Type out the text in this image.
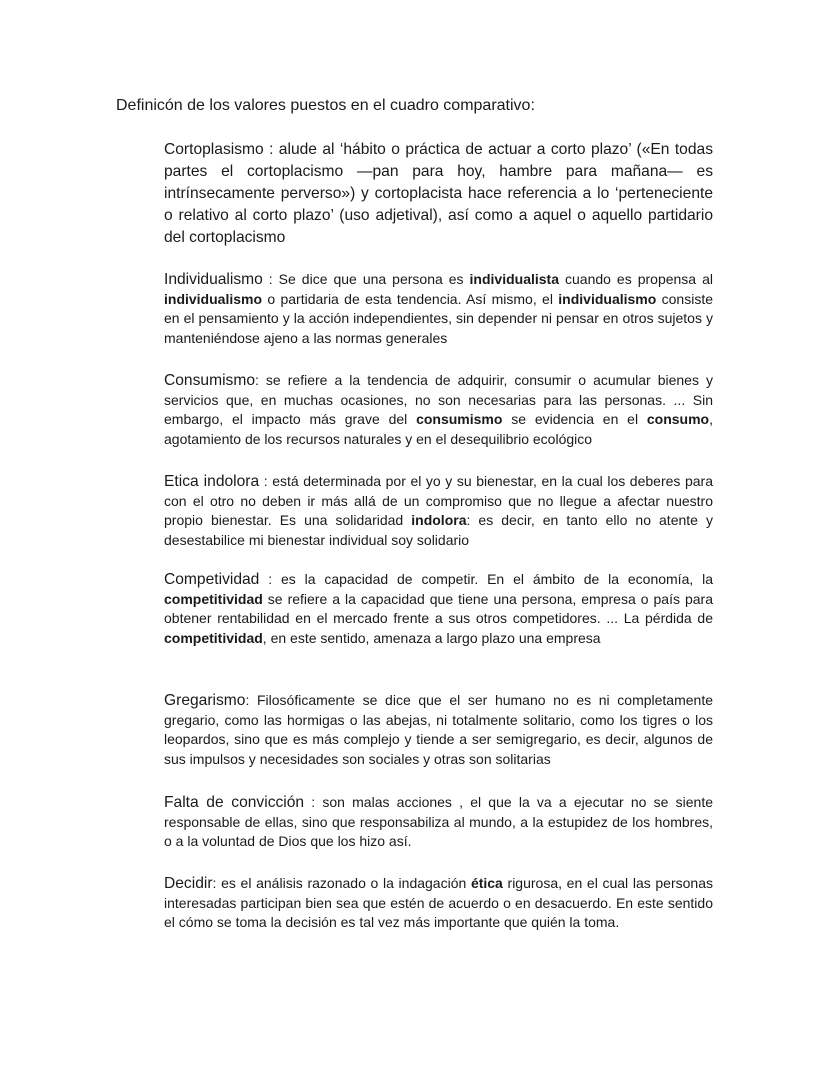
Definicón de los valores puestos en el cuadro comparativo:

Cortoplasismo : alude al ‘hábito o práctica de actuar a corto plazo’ («En todas partes el cortoplacismo —pan para hoy, hambre para mañana— es intrínsecamente perverso») y cortoplacista hace referencia a lo ‘perteneciente o relativo al corto plazo’ (uso adjetival), así como a aquel o aquello partidario del cortoplacismo

Individualismo : Se dice que una persona es individualista cuando es propensa al individualismo o partidaria de esta tendencia. Así mismo, el individualismo consiste en el pensamiento y la acción independientes, sin depender ni pensar en otros sujetos y manteniéndose ajeno a las normas generales

Consumismo: se refiere a la tendencia de adquirir, consumir o acumular bienes y servicios que, en muchas ocasiones, no son necesarias para las personas. ... Sin embargo, el impacto más grave del consumismo se evidencia en el consumo, agotamiento de los recursos naturales y en el desequilibrio ecológico

Etica indolora : está determinada por el yo y su bienestar, en la cual los deberes para con el otro no deben ir más allá de un compromiso que no llegue a afectar nuestro propio bienestar. Es una solidaridad indolora: es decir, en tanto ello no atente y desestabilice mi bienestar individual soy solidario

Competividad : es la capacidad de competir. En el ámbito de la economía, la competitividad se refiere a la capacidad que tiene una persona, empresa o país para obtener rentabilidad en el mercado frente a sus otros competidores. ... La pérdida de competitividad, en este sentido, amenaza a largo plazo una empresa

Gregarismo: Filosóficamente se dice que el ser humano no es ni completamente gregario, como las hormigas o las abejas, ni totalmente solitario, como los tigres o los leopardos, sino que es más complejo y tiende a ser semigregario, es decir, algunos de sus impulsos y necesidades son sociales y otras son solitarias

Falta de convicción : son malas acciones , el que la va a ejecutar no se siente responsable de ellas, sino que responsabiliza al mundo, a la estupidez de los hombres, o a la voluntad de Dios que los hizo así.

Decidir: es el análisis razonado o la indagación ética rigurosa, en el cual las personas interesadas participan bien sea que estén de acuerdo o en desacuerdo. En este sentido el cómo se toma la decisión es tal vez más importante que quién la toma.
